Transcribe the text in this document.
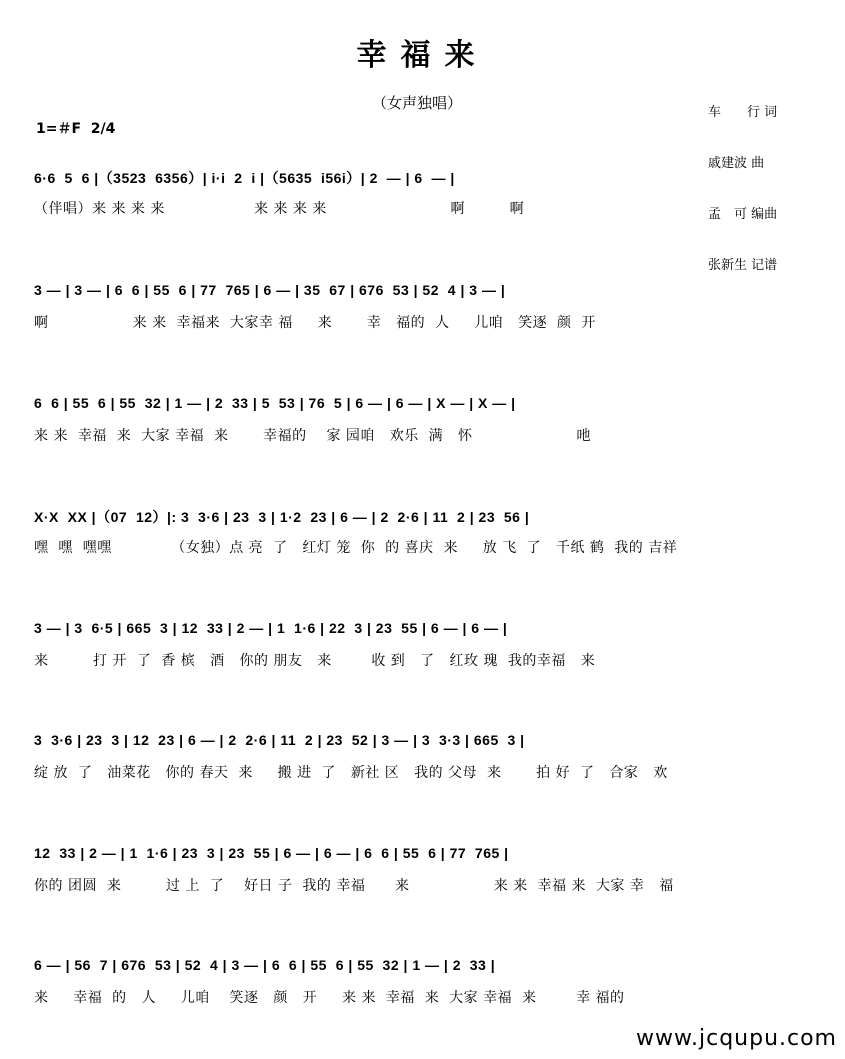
幸福来
（女声独唱）

车　　行 词

戚建波 曲

孟　可 编曲

张新生 记谱

1=＃F  2/4
6·6  5  6 |（3523  6356）| i·i  2  i |（5635  i56i）| 2  — | 6  — |
（伴唱）来 来 来 来                  来 来 来 来                         啊         啊
3 — | 3 — | 6  6 | 55  6 | 77  765 | 6 — | 35  67 | 676  53 | 52  4 | 3 — |
啊                 来 来  幸福来  大家幸 福     来       幸   福的  人     儿咱   笑逐  颜  开
6  6 | 55  6 | 55  32 | 1 — | 2  33 | 5  53 | 76  5 | 6 — | 6 — | X — | X — |
来 来  幸福  来  大家 幸福  来       幸福的    家 园咱   欢乐  满   怀                     吔
X·X  XX |（07  12）|: 3  3·6 | 23  3 | 1·2  23 | 6 — | 2  2·6 | 11  2 | 23  56 |
嘿  嘿  嘿嘿            （女独）点 亮  了   红灯 笼  你  的 喜庆  来     放 飞  了   千纸 鹤  我的 吉祥
3 — | 3  6·5 | 665  3 | 12  33 | 2 — | 1  1·6 | 22  3 | 23  55 | 6 — | 6 — |
来         打 开  了  香 槟   酒   你的 朋友   来        收 到   了   红玫 瑰  我的幸福   来
3  3·6 | 23  3 | 12  23 | 6 — | 2  2·6 | 11  2 | 23  52 | 3 — | 3  3·3 | 665  3 |
绽 放  了   油菜花   你的 春天  来     搬 进  了   新社 区   我的 父母  来       拍 好  了   合家   欢
12  33 | 2 — | 1  1·6 | 23  3 | 23  55 | 6 — | 6 — | 6  6 | 55  6 | 77  765 |
你的 团圆  来         过 上  了    好日 子  我的 幸福      来                 来 来  幸福 来  大家 幸   福
6 — | 56  7 | 676  53 | 52  4 | 3 — | 6  6 | 55  6 | 55  32 | 1 — | 2  33 |
来     幸福  的   人     儿咱    笑逐   颜   开     来 来  幸福  来  大家 幸福  来        幸 福的
www.jcqupu.com
